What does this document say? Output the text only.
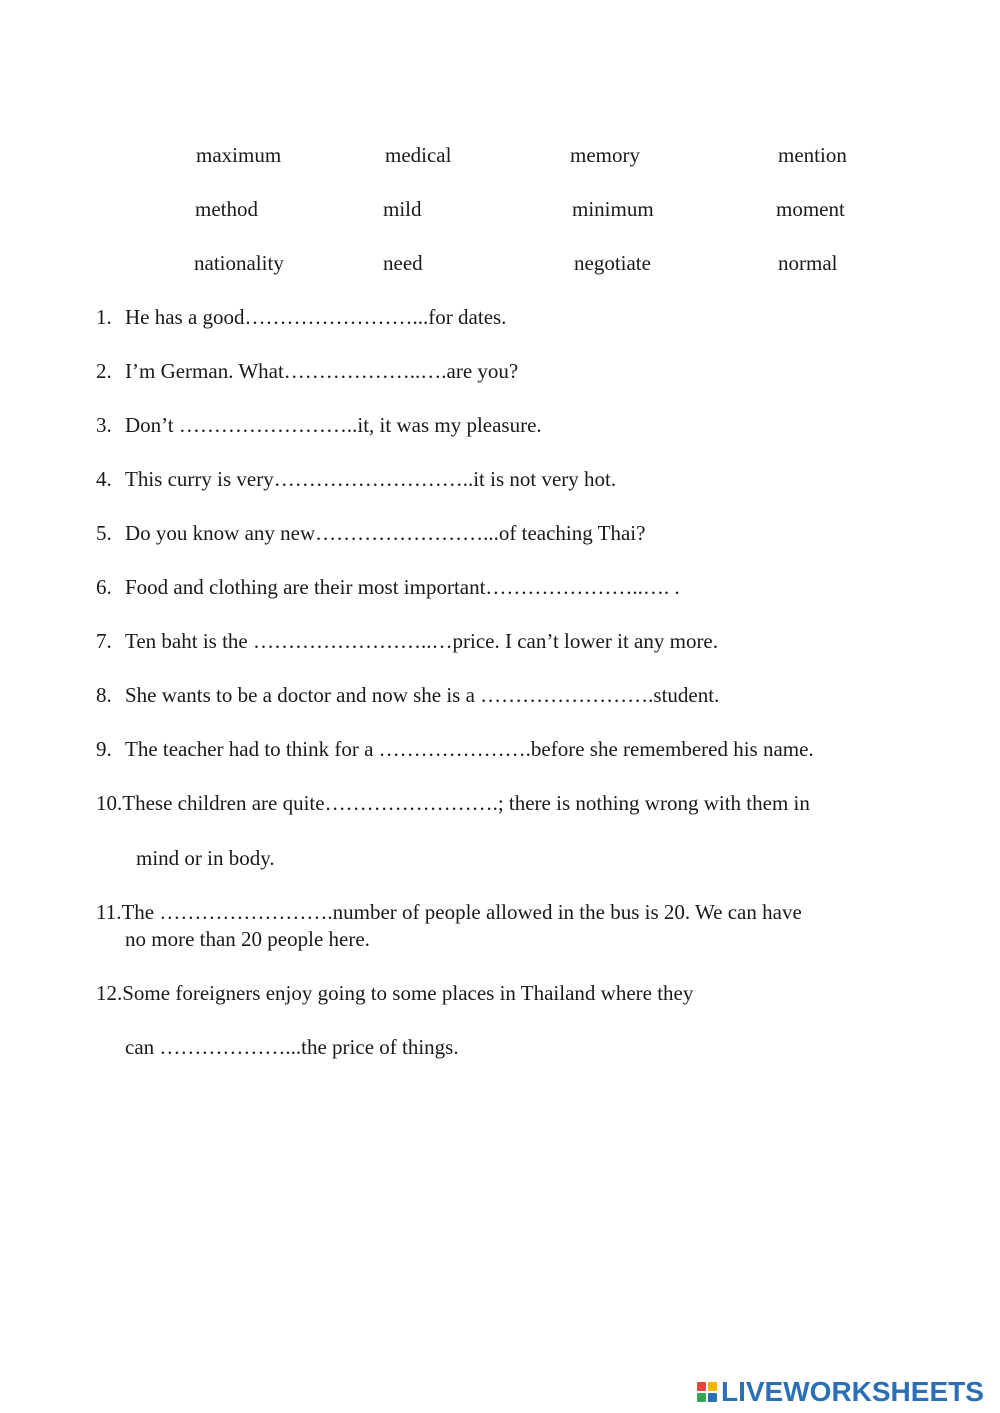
maximum	medical	memory	mention
method	mild	minimum	moment
nationality	need	negotiate	normal
1. He has a good……………………...for dates.
2. I’m German. What………………..….are you?
3. Don’t ……………………..it, it was my pleasure.
4. This curry is very………………………..it is not very hot.
5. Do you know any new……………………...of teaching Thai?
6. Food and clothing are their most important…………………..…. .
7. Ten baht is the ……………………..…price. I can’t lower it any more.
8. She wants to be a doctor and now she is a …………………….student.
9. The teacher had to think for a ………………….before she remembered his name.
10.These children are quite…………………….; there is nothing wrong with them in
mind or in body.
11.The …………………….number of people allowed in the bus is 20. We can have
no more than 20 people here.
12.Some foreigners enjoy going to some places in Thailand where they
can ………………...the price of things.
LIVEWORKSHEETS
